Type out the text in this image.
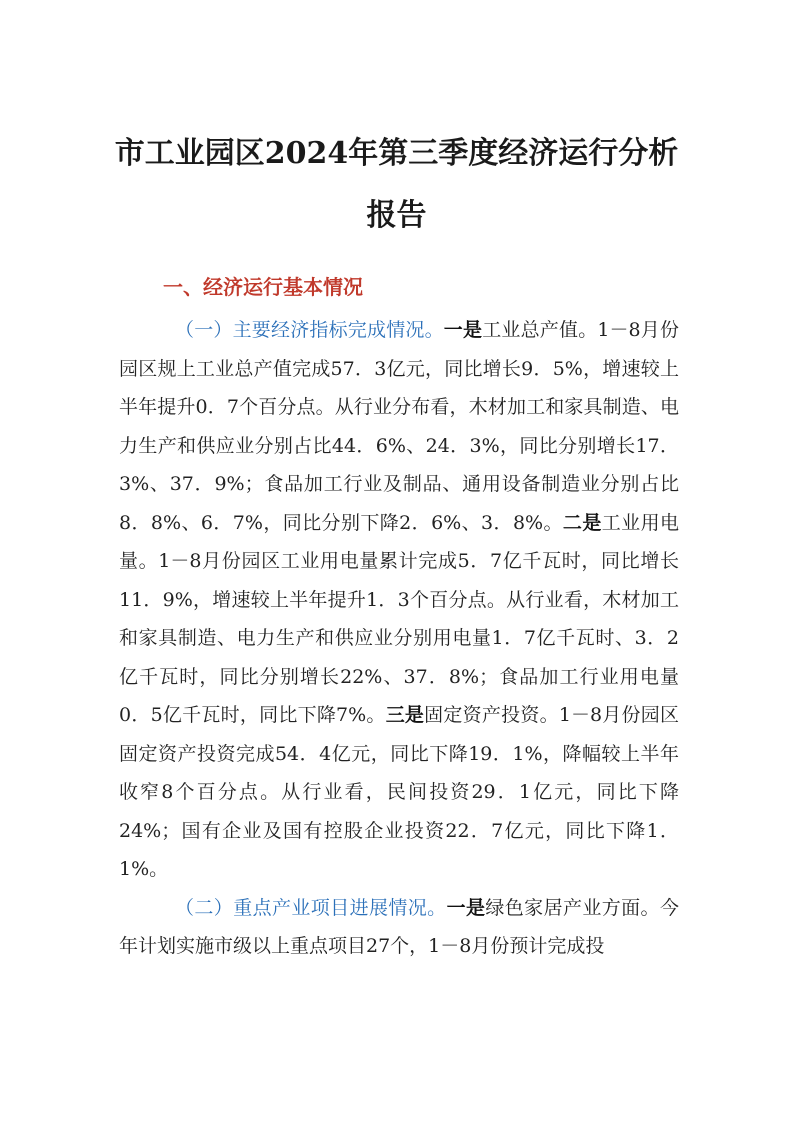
市工业园区2024年第三季度经济运行分析
报告
一、经济运行基本情况

（一）主要经济指标完成情况。一是工业总产值。1－8月份园区规上工业总产值完成57．3亿元，同比增长9．5%，增速较上半年提升0．7个百分点。从行业分布看，木材加工和家具制造、电力生产和供应业分别占比44．6%、24．3%，同比分别增长17．3%、37．9%；食品加工行业及制品、通用设备制造业分别占比8．8%、6．7%，同比分别下降2．6%、3．8%。二是工业用电量。1－8月份园区工业用电量累计完成5．7亿千瓦时，同比增长11．9%，增速较上半年提升1．3个百分点。从行业看，木材加工和家具制造、电力生产和供应业分别用电量1．7亿千瓦时、3．2亿千瓦时，同比分别增长22%、37．8%；食品加工行业用电量0．5亿千瓦时，同比下降7%。三是固定资产投资。1－8月份园区固定资产投资完成54．4亿元，同比下降19．1%，降幅较上半年收窄8个百分点。从行业看，民间投资29．1亿元，同比下降24%；国有企业及国有控股企业投资22．7亿元，同比下降1．1%。

（二）重点产业项目进展情况。一是绿色家居产业方面。今年计划实施市级以上重点项目27个，1－8月份预计完成投
